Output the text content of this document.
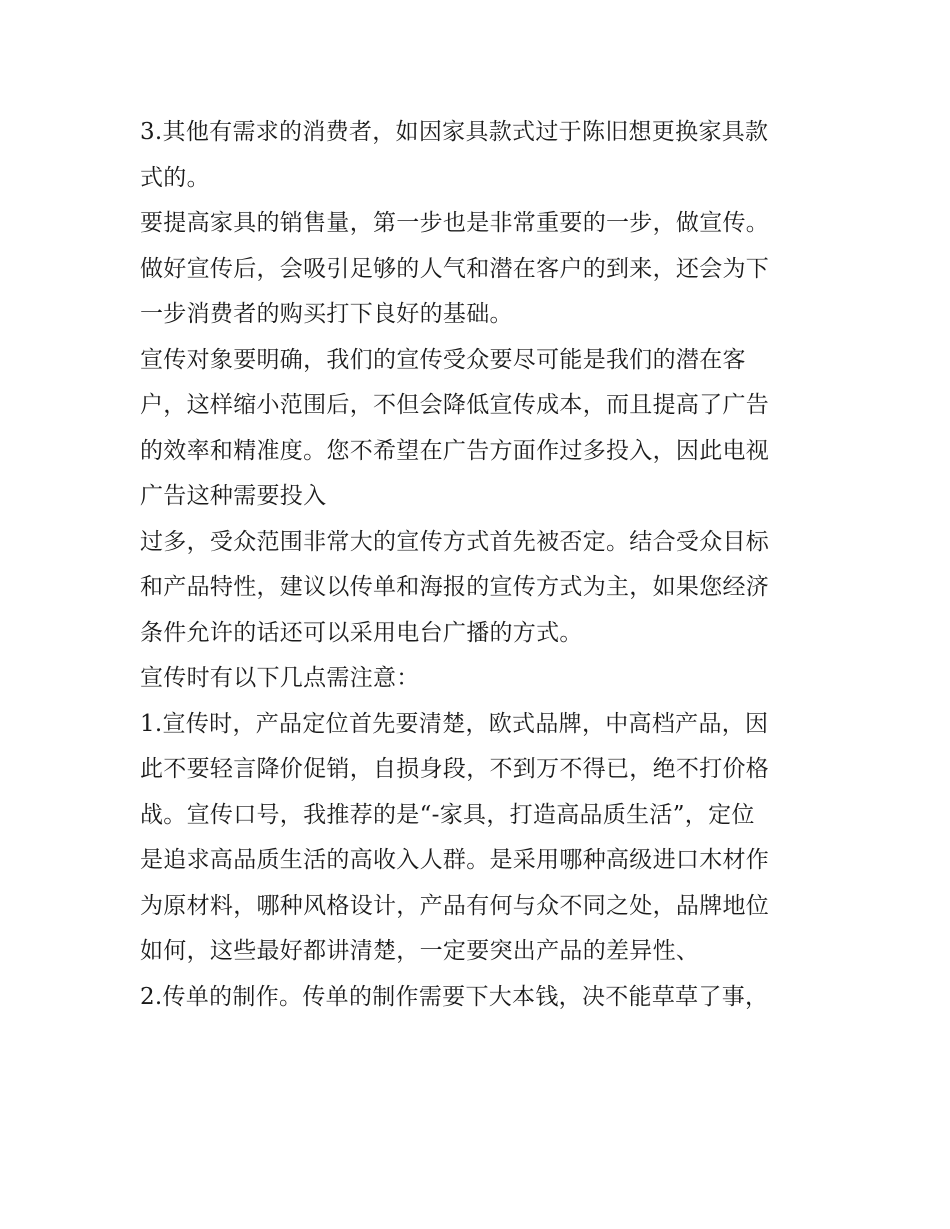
3.其他有需求的消费者，如因家具款式过于陈旧想更换家具款
式的。
要提高家具的销售量，第一步也是非常重要的一步，做宣传。
做好宣传后，会吸引足够的人气和潜在客户的到来，还会为下
一步消费者的购买打下良好的基础。
宣传对象要明确，我们的宣传受众要尽可能是我们的潜在客
户，这样缩小范围后，不但会降低宣传成本，而且提高了广告
的效率和精准度。您不希望在广告方面作过多投入，因此电视
广告这种需要投入
过多，受众范围非常大的宣传方式首先被否定。结合受众目标
和产品特性，建议以传单和海报的宣传方式为主，如果您经济
条件允许的话还可以采用电台广播的方式。
宣传时有以下几点需注意：
1.宣传时，产品定位首先要清楚，欧式品牌，中高档产品，因
此不要轻言降价促销，自损身段，不到万不得已，绝不打价格
战。宣传口号，我推荐的是“-家具，打造高品质生活”，定位
是追求高品质生活的高收入人群。是采用哪种高级进口木材作
为原材料，哪种风格设计，产品有何与众不同之处，品牌地位
如何，这些最好都讲清楚，一定要突出产品的差异性、
2.传单的制作。传单的制作需要下大本钱，决不能草草了事，
